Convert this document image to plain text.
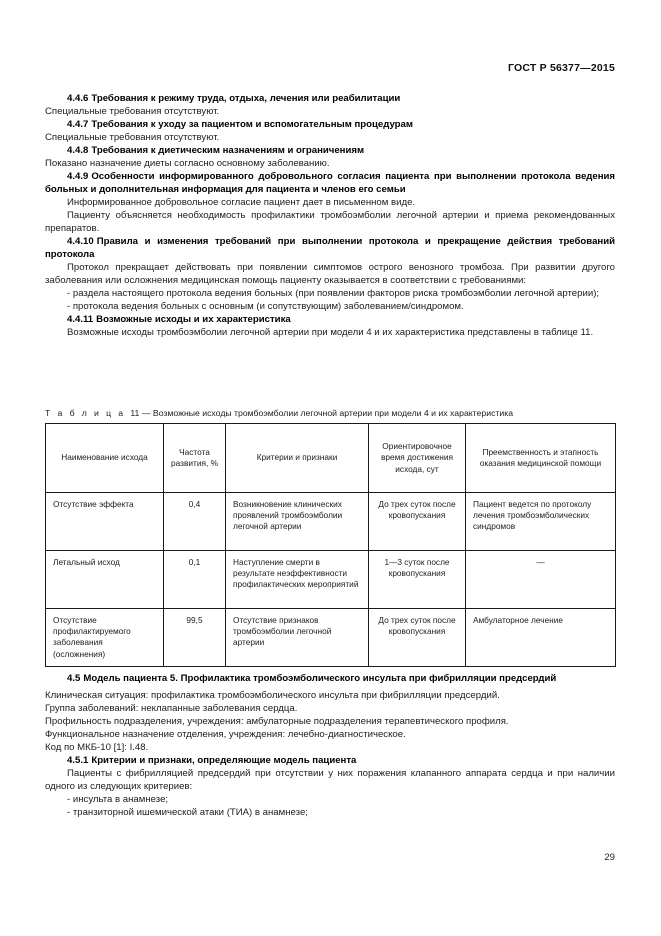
ГОСТ Р 56377—2015

4.4.6 Требования к режиму труда, отдыха, лечения или реабилитации

Специальные требования отсутствуют.

4.4.7 Требования к уходу за пациентом и вспомогательным процедурам

Специальные требования отсутствуют.

4.4.8 Требования к диетическим назначениям и ограничениям

Показано назначение диеты согласно основному заболеванию.

4.4.9 Особенности информированного добровольного согласия пациента при выполнении протокола ведения больных и дополнительная информация для пациента и членов его семьи

Информированное добровольное согласие пациент дает в письменном виде.

Пациенту объясняется необходимость профилактики тромбоэмболии легочной артерии и приема рекомендованных препаратов.

4.4.10 Правила и изменения требований при выполнении протокола и прекращение действия требований протокола

Протокол прекращает действовать при появлении симптомов острого венозного тромбоза. При развитии другого заболевания или осложнения медицинская помощь пациенту оказывается в соответствии с требованиями:

- раздела настоящего протокола ведения больных (при появлении факторов риска тромбоэмболии легочной артерии);

- протокола ведения больных с основным (и сопутствующим) заболеванием/синдромом.

4.4.11 Возможные исходы и их характеристика

Возможные исходы тромбоэмболии легочной артерии при модели 4 и их характеристика представлены в таблице 11.

Т а б л и ц а 11 — Возможные исходы тромбоэмболии легочной артерии при модели 4 и их характеристика
Наименование исхода	Частота развития, %	Критерии и признаки	Ориентировочное время достижения исхода, сут	Преемственность и этапность оказания медицинской помощи
Отсутствие эффекта	0,4	Возникновение клинических проявлений тромбоэмболии легочной артерии	До трех суток после кровопускания	Пациент ведется по протоколу лечения тромбоэмболических синдромов
Летальный исход	0,1	Наступление смерти в результате неэффективности профилактических мероприятий	1—3 суток после кровопускания	—
Отсутствие профилактируемого заболевания (осложнения)	99,5	Отсутствие признаков тромбоэмболии легочной артерии	До трех суток после кровопускания	Амбулаторное лечение

4.5 Модель пациента 5. Профилактика тромбоэмболического инсульта при фибрилляции предсердий

Клиническая ситуация: профилактика тромбоэмболического инсульта при фибрилляции предсердий.

Группа заболеваний: неклапанные заболевания сердца.

Профильность подразделения, учреждения: амбулаторные подразделения терапевтического профиля.

Функциональное назначение отделения, учреждения: лечебно-диагностическое.

Код по МКБ-10 [1]: I.48.

4.5.1 Критерии и признаки, определяющие модель пациента

Пациенты с фибрилляцией предсердий при отсутствии у них поражения клапанного аппарата сердца и при наличии одного из следующих критериев:

- инсульта в анамнезе;

- транзиторной ишемической атаки (ТИА) в анамнезе;

29
